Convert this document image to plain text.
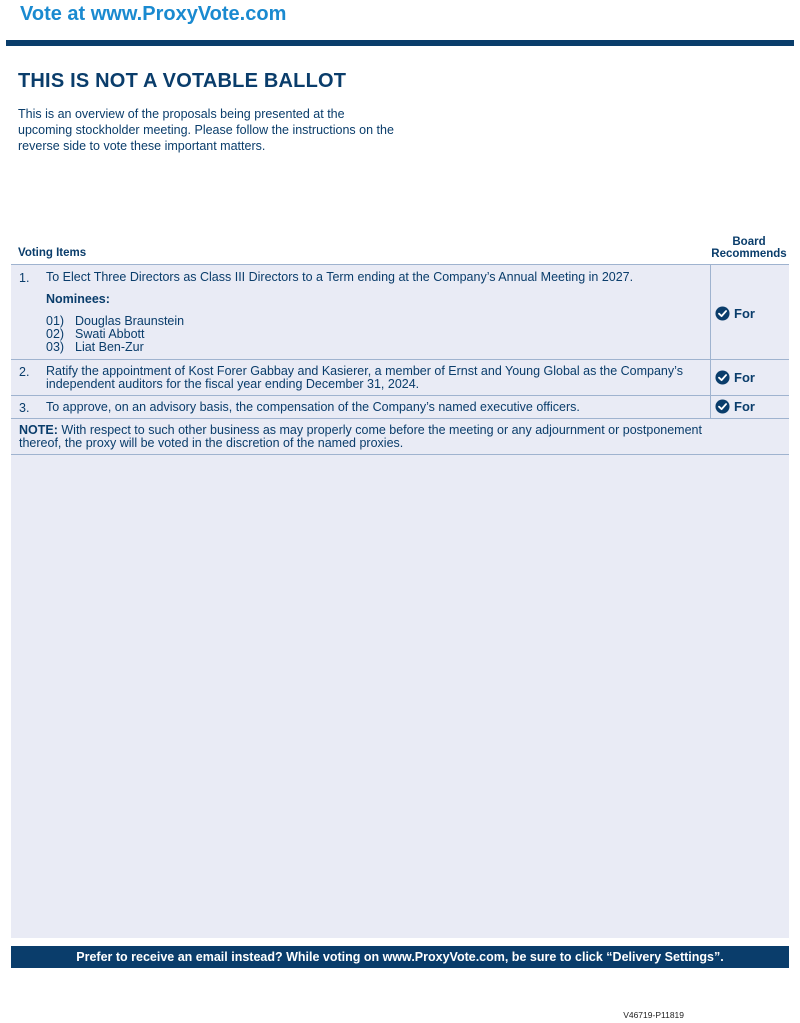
Vote at www.ProxyVote.com
THIS IS NOT A VOTABLE BALLOT
This is an overview of the proposals being presented at the upcoming stockholder meeting. Please follow the instructions on the reverse side to vote these important matters.
Voting Items
Board
Recommends
1. To Elect Three Directors as Class III Directors to a Term ending at the Company’s Annual Meeting in 2027.
Nominees:
01) Douglas Braunstein
02) Swati Abbott
03) Liat Ben-Zur
For
2. Ratify the appointment of Kost Forer Gabbay and Kasierer, a member of Ernst and Young Global as the Company’s independent auditors for the fiscal year ending December 31, 2024.	For
3. To approve, on an advisory basis, the compensation of the Company’s named executive officers.	For
NOTE: With respect to such other business as may properly come before the meeting or any adjournment or postponement thereof, the proxy will be voted in the discretion of the named proxies.
Prefer to receive an email instead? While voting on www.ProxyVote.com, be sure to click “Delivery Settings”.
V46719-P11819
